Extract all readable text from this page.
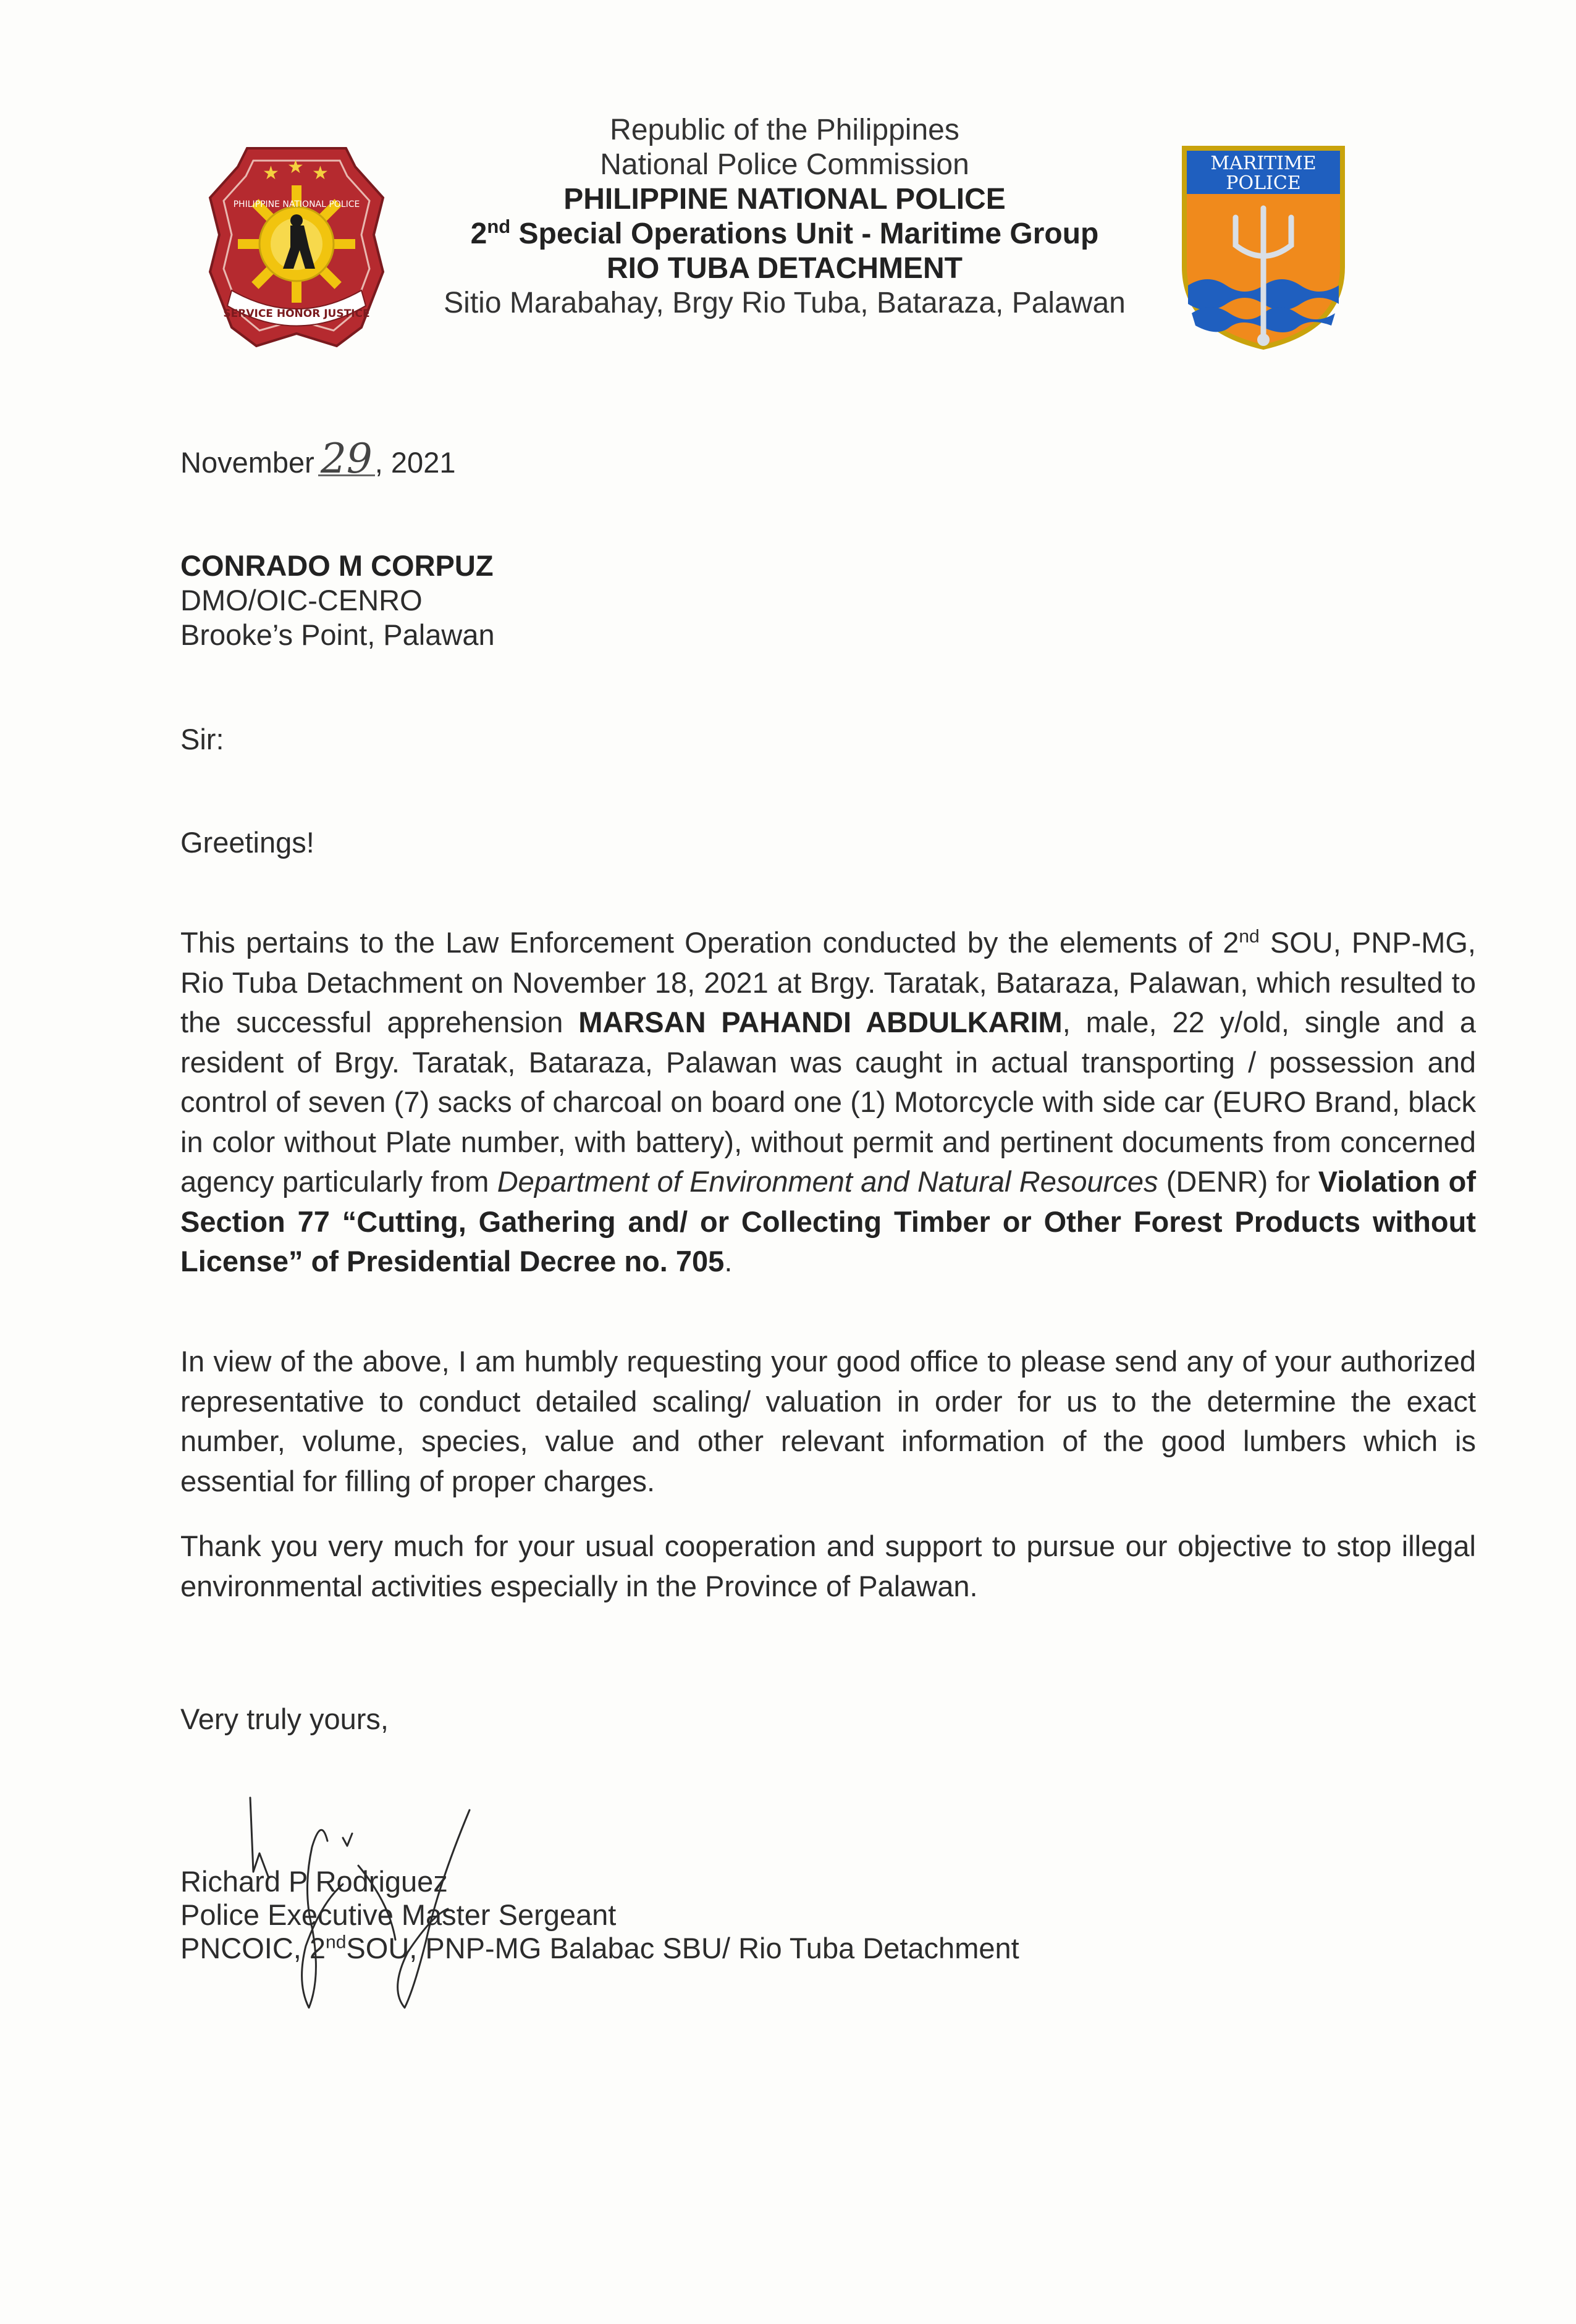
★ ★ ★
SERVICE HONOR JUSTICE
PHILIPPINE NATIONAL POLICE
Republic of the Philippines
National Police Commission
PHILIPPINE NATIONAL POLICE
2nd Special Operations Unit - Maritime Group
RIO TUBA DETACHMENT
Sitio Marabahay, Brgy Rio Tuba, Bataraza, Palawan
MARITIME
POLICE
November 29, 2021
CONRADO M CORPUZ
DMO/OIC-CENRO
Brooke’s Point, Palawan
Sir:
Greetings!
This pertains to the Law Enforcement Operation conducted by the elements of 2nd SOU, PNP-MG, Rio Tuba Detachment on November 18, 2021 at Brgy. Taratak, Bataraza, Palawan, which resulted to the successful apprehension MARSAN PAHANDI ABDULKARIM, male, 22 y/old, single and a resident of Brgy. Taratak, Bataraza, Palawan was caught in actual transporting / possession and control of seven (7) sacks of charcoal on board one (1) Motorcycle with side car (EURO Brand, black in color without Plate number, with battery), without permit and pertinent documents from concerned agency particularly from Department of Environment and Natural Resources (DENR) for Violation of Section 77 “Cutting, Gathering and/ or Collecting Timber or Other Forest Products without License” of Presidential Decree no. 705.
In view of the above, I am humbly requesting your good office to please send any of your authorized representative to conduct detailed scaling/ valuation in order for us to the determine the exact number, volume, species, value and other relevant information of the good lumbers which is essential for filling of proper charges.
Thank you very much for your usual cooperation and support to pursue our objective to stop illegal environmental activities especially in the Province of Palawan.
Very truly yours,
Richard P Rodriguez
Police Executive Master Sergeant
PNCOIC, 2ndSOU, PNP-MG Balabac SBU/ Rio Tuba Detachment
